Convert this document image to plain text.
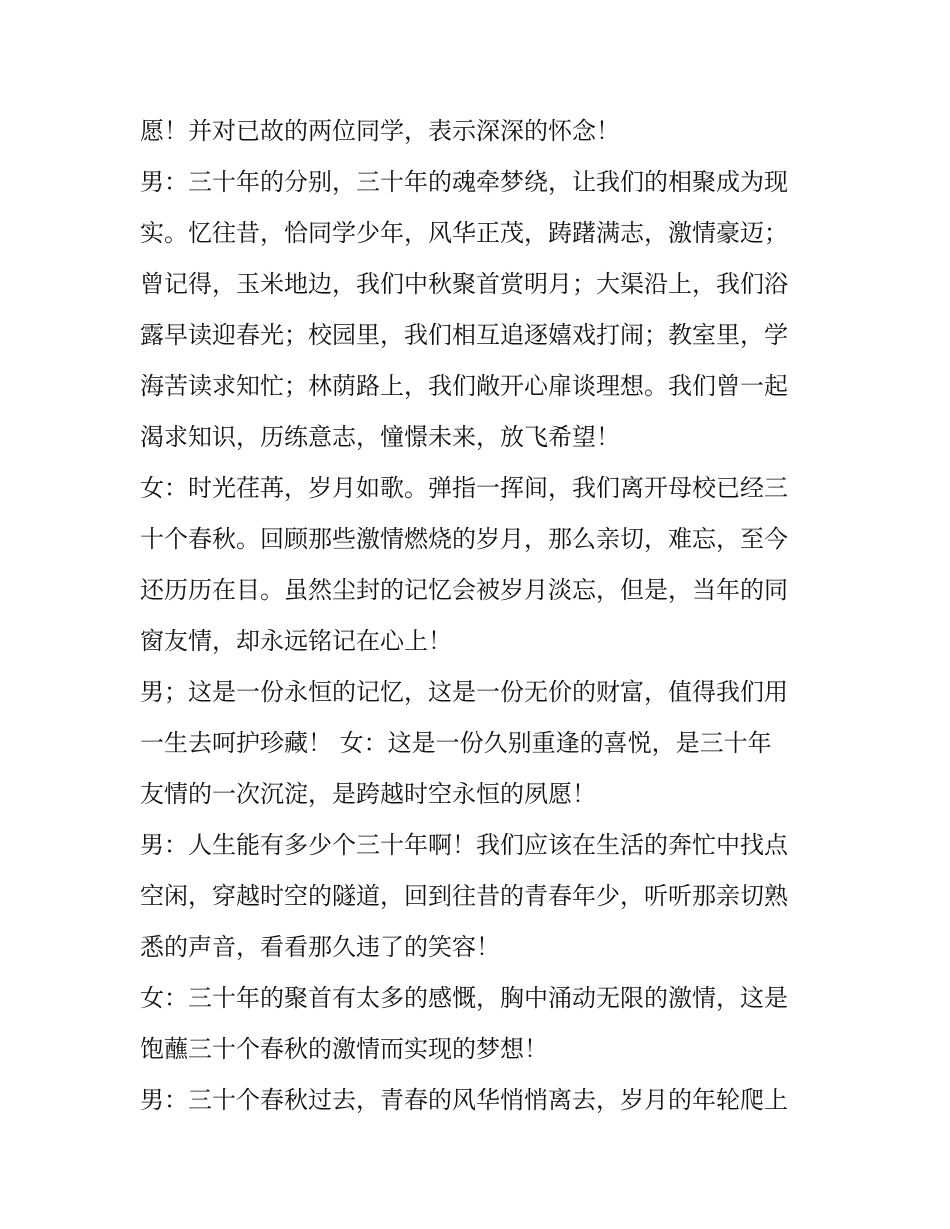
愿！并对已故的两位同学，表示深深的怀念！
男：三十年的分别，三十年的魂牵梦绕，让我们的相聚成为现
实。忆往昔，恰同学少年，风华正茂，踌躇满志，激情豪迈；
曾记得，玉米地边，我们中秋聚首赏明月；大渠沿上，我们浴
露早读迎春光；校园里，我们相互追逐嬉戏打闹；教室里，学
海苦读求知忙；林荫路上，我们敞开心扉谈理想。我们曾一起
渴求知识，历练意志，憧憬未来，放飞希望！
女：时光荏苒，岁月如歌。弹指一挥间，我们离开母校已经三
十个春秋。回顾那些激情燃烧的岁月，那么亲切，难忘，至今
还历历在目。虽然尘封的记忆会被岁月淡忘，但是，当年的同
窗友情，却永远铭记在心上！
男；这是一份永恒的记忆，这是一份无价的财富，值得我们用
一生去呵护珍藏！ 女：这是一份久别重逢的喜悦，是三十年
友情的一次沉淀，是跨越时空永恒的夙愿！
男：人生能有多少个三十年啊！我们应该在生活的奔忙中找点
空闲，穿越时空的隧道，回到往昔的青春年少，听听那亲切熟
悉的声音，看看那久违了的笑容！
女：三十年的聚首有太多的感慨，胸中涌动无限的激情，这是
饱蘸三十个春秋的激情而实现的梦想！
男：三十个春秋过去，青春的风华悄悄离去，岁月的年轮爬上
